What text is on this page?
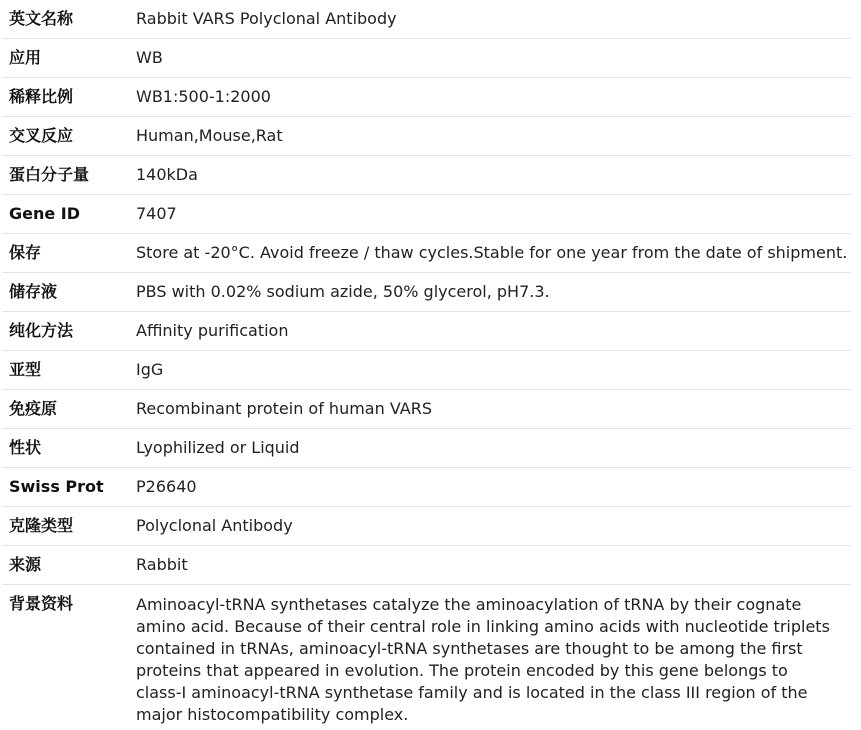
英文名称	Rabbit VARS Polyclonal Antibody
应用	WB
稀释比例	WB1:500-1:2000
交叉反应	Human,Mouse,Rat
蛋白分子量	140kDa
Gene ID	7407
保存	Store at -20°C. Avoid freeze / thaw cycles.Stable for one year from the date of shipment.
储存液	PBS with 0.02% sodium azide, 50% glycerol, pH7.3.
纯化方法	Affinity purification
亚型	IgG
免疫原	Recombinant protein of human VARS
性状	Lyophilized or Liquid
Swiss Prot	P26640
克隆类型	Polyclonal Antibody
来源	Rabbit
背景资料	Aminoacyl-tRNA synthetases catalyze the aminoacylation of tRNA by their cognate amino acid. Because of their central role in linking amino acids with nucleotide triplets contained in tRNAs, aminoacyl-tRNA synthetases are thought to be among the first proteins that appeared in evolution. The protein encoded by this gene belongs to class-I aminoacyl-tRNA synthetase family and is located in the class III region of the major histocompatibility complex.
